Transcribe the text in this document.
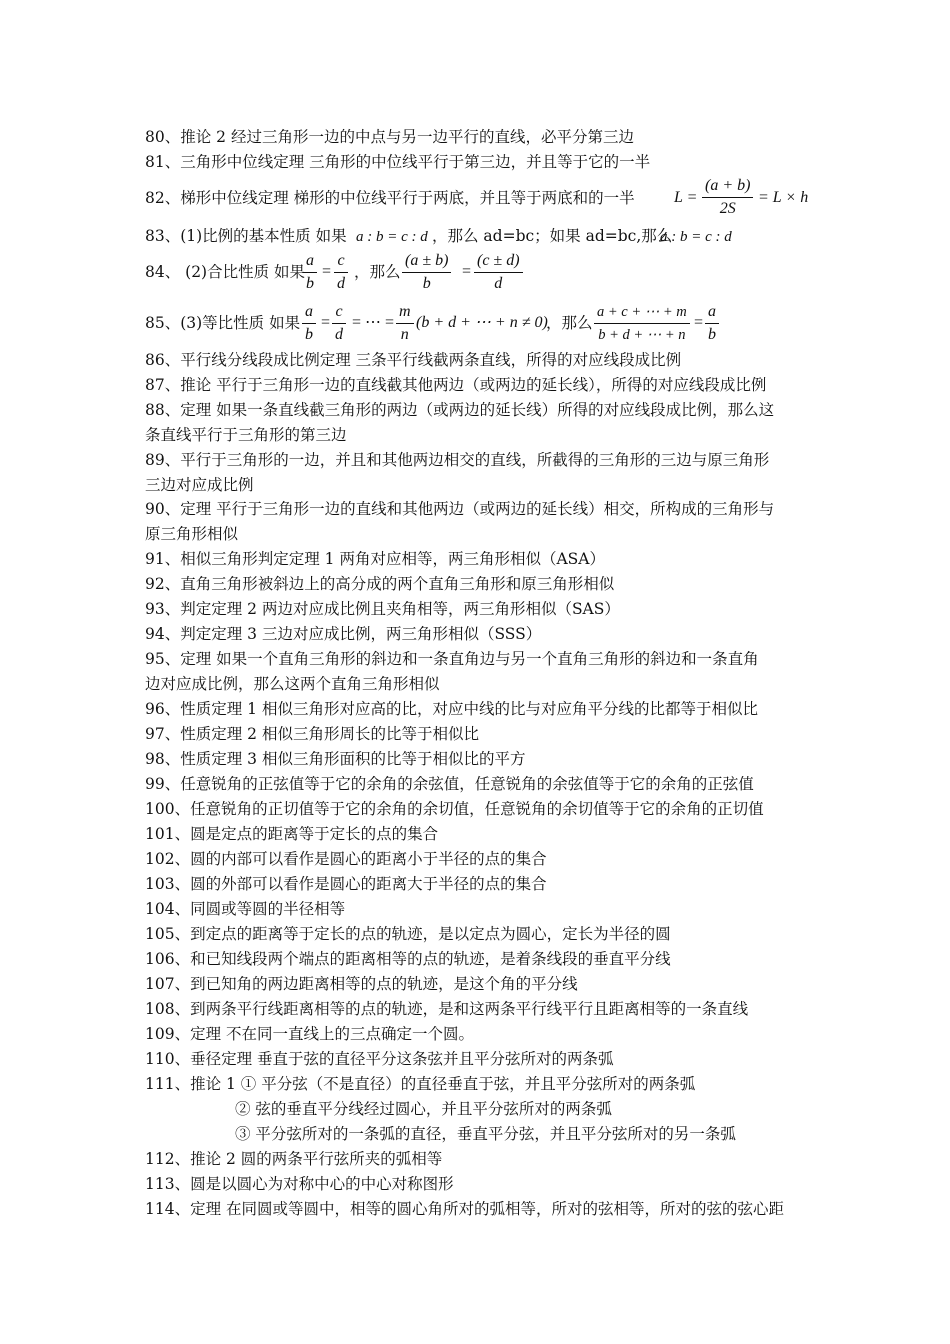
80、推论 2 经过三角形一边的中点与另一边平行的直线，必平分第三边
81、三角形中位线定理 三角形的中位线平行于第三边，并且等于它的一半
82、梯形中位线定理 梯形的中位线平行于两底，并且等于两底和的一半 $L = \frac{(a + b)}{2S} = L \times h$
83、(1)比例的基本性质 如果 a : b = c : d ，那么 ad=bc；如果 ad=bc,那么
a : b = c : d
84、 (2)合比性质 如果
$\frac{a}{b} = \frac{c}{d}$ ，那么 $\frac{(a \pm b)}{b} = \frac{(c \pm d)}{d}$
85、(3)等比性质 如果 $\frac{a}{b} = \frac{c}{d}$ = ⋯ = $\frac{m}{n} (b + d$ + ⋯ + n ≠ 0)
，那么 $\frac{a + c + \cdots + m}{b + d + \cdots + n} = \frac{a}{b}$
86、平行线分线段成比例定理 三条平行线截两条直线，所得的对应线段成比例
87、推论 平行于三角形一边的直线截其他两边（或两边的延长线），所得的对应线段成比例
88、定理 如果一条直线截三角形的两边（或两边的延长线）所得的对应线段成比例，那么这
条直线平行于三角形的第三边
89、平行于三角形的一边，并且和其他两边相交的直线，所截得的三角形的三边与原三角形
三边对应成比例
90、定理 平行于三角形一边的直线和其他两边（或两边的延长线）相交，所构成的三角形与
原三角形相似
91、相似三角形判定定理 1 两角对应相等，两三角形相似（ASA）
92、直角三角形被斜边上的高分成的两个直角三角形和原三角形相似
93、判定定理 2 两边对应成比例且夹角相等，两三角形相似（SAS）
94、判定定理 3 三边对应成比例，两三角形相似（SSS）
95、定理 如果一个直角三角形的斜边和一条直角边与另一个直角三角形的斜边和一条直角
边对应成比例，那么这两个直角三角形相似
96、性质定理 1 相似三角形对应高的比，对应中线的比与对应角平分线的比都等于相似比
97、性质定理 2 相似三角形周长的比等于相似比
98、性质定理 3 相似三角形面积的比等于相似比的平方
99、任意锐角的正弦值等于它的余角的余弦值，任意锐角的余弦值等于它的余角的正弦值
100、任意锐角的正切值等于它的余角的余切值，任意锐角的余切值等于它的余角的正切值
101、圆是定点的距离等于定长的点的集合
102、圆的内部可以看作是圆心的距离小于半径的点的集合
103、圆的外部可以看作是圆心的距离大于半径的点的集合
104、同圆或等圆的半径相等
105、到定点的距离等于定长的点的轨迹，是以定点为圆心，定长为半径的圆
106、和已知线段两个端点的距离相等的点的轨迹，是着条线段的垂直平分线
107、到已知角的两边距离相等的点的轨迹，是这个角的平分线
108、到两条平行线距离相等的点的轨迹，是和这两条平行线平行且距离相等的一条直线
109、定理 不在同一直线上的三点确定一个圆。
110、垂径定理 垂直于弦的直径平分这条弦并且平分弦所对的两条弧
111、推论 1 ① 平分弦（不是直径）的直径垂直于弦，并且平分弦所对的两条弧
② 弦的垂直平分线经过圆心，并且平分弦所对的两条弧
③ 平分弦所对的一条弧的直径，垂直平分弦，并且平分弦所对的另一条弧
112、推论 2 圆的两条平行弦所夹的弧相等
113、圆是以圆心为对称中心的中心对称图形
114、定理 在同圆或等圆中，相等的圆心角所对的弧相等，所对的弦相等，所对的弦的弦心距
